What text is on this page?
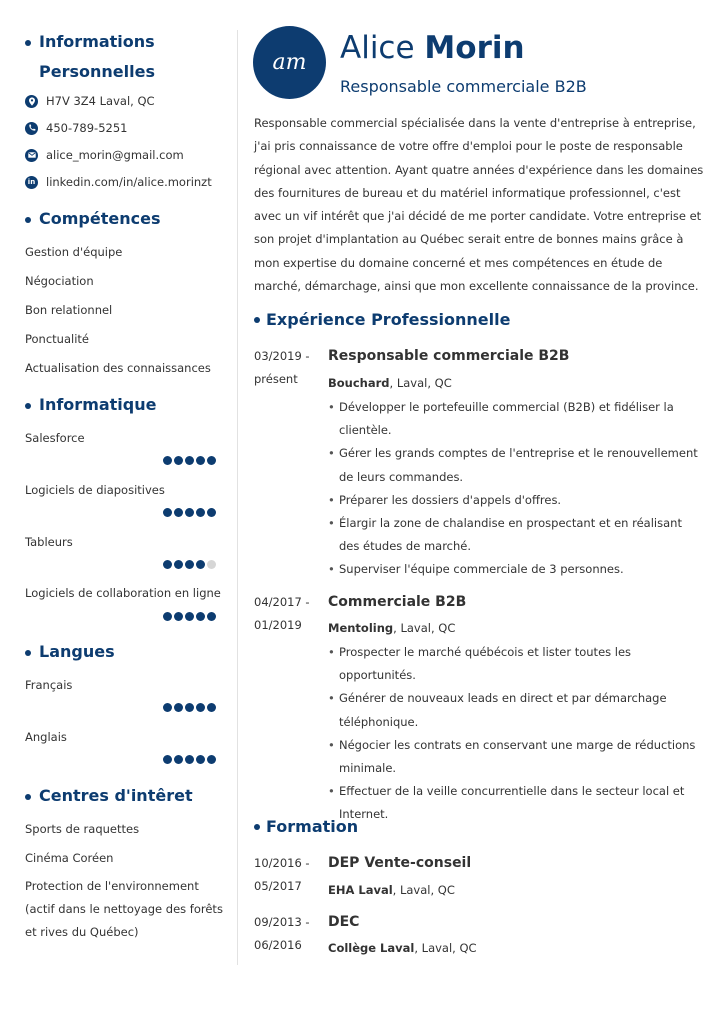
Informations
Personnelles
H7V 3Z4 Laval, QC
450-789-5251
alice_morin@gmail.com
in linkedin.com/in/alice.morinzt
Compétences
Gestion d'équipe
Négociation
Bon relationnel
Ponctualité
Actualisation des connaissances
Informatique
Salesforce
Logiciels de diapositives
Tableurs
Logiciels de collaboration en ligne
Langues
Français
Anglais
Centres d'intêret
Sports de raquettes
Cinéma Coréen
Protection de l'environnement (actif dans le nettoyage des forêts et rives du Québec)
am	Alice Morin
Responsable commerciale B2B
Responsable commercial spécialisée dans la vente d'entreprise à entreprise, j'ai pris connaissance de votre offre d'emploi pour le poste de responsable régional avec attention. Ayant quatre années d'expérience dans les domaines des fournitures de bureau et du matériel informatique professionnel, c'est avec un vif intérêt que j'ai décidé de me porter candidate. Votre entreprise et son projet d'implantation au Québec serait entre de bonnes mains grâce à mon expertise du domaine concerné et mes compétences en étude de marché, démarchage, ainsi que mon excellente connaissance de la province.
Expérience Professionnelle
03/2019 -
présent
Responsable commerciale B2B
Bouchard, Laval, QC
• Développer le portefeuille commercial (B2B) et fidéliser la clientèle.
• Gérer les grands comptes de l'entreprise et le renouvellement de leurs commandes.
• Préparer les dossiers d'appels d'offres.
• Élargir la zone de chalandise en prospectant et en réalisant des études de marché.
• Superviser l'équipe commerciale de 3 personnes.
04/2017 -
01/2019
Commerciale B2B
Mentoling, Laval, QC
• Prospecter le marché québécois et lister toutes les opportunités.
• Générer de nouveaux leads en direct et par démarchage téléphonique.
• Négocier les contrats en conservant une marge de réductions minimale.
• Effectuer de la veille concurrentielle dans le secteur local et Internet.
Formation
10/2016 -
05/2017
DEP Vente-conseil
EHA Laval, Laval, QC
09/2013 -
06/2016
DEC
Collège Laval, Laval, QC
